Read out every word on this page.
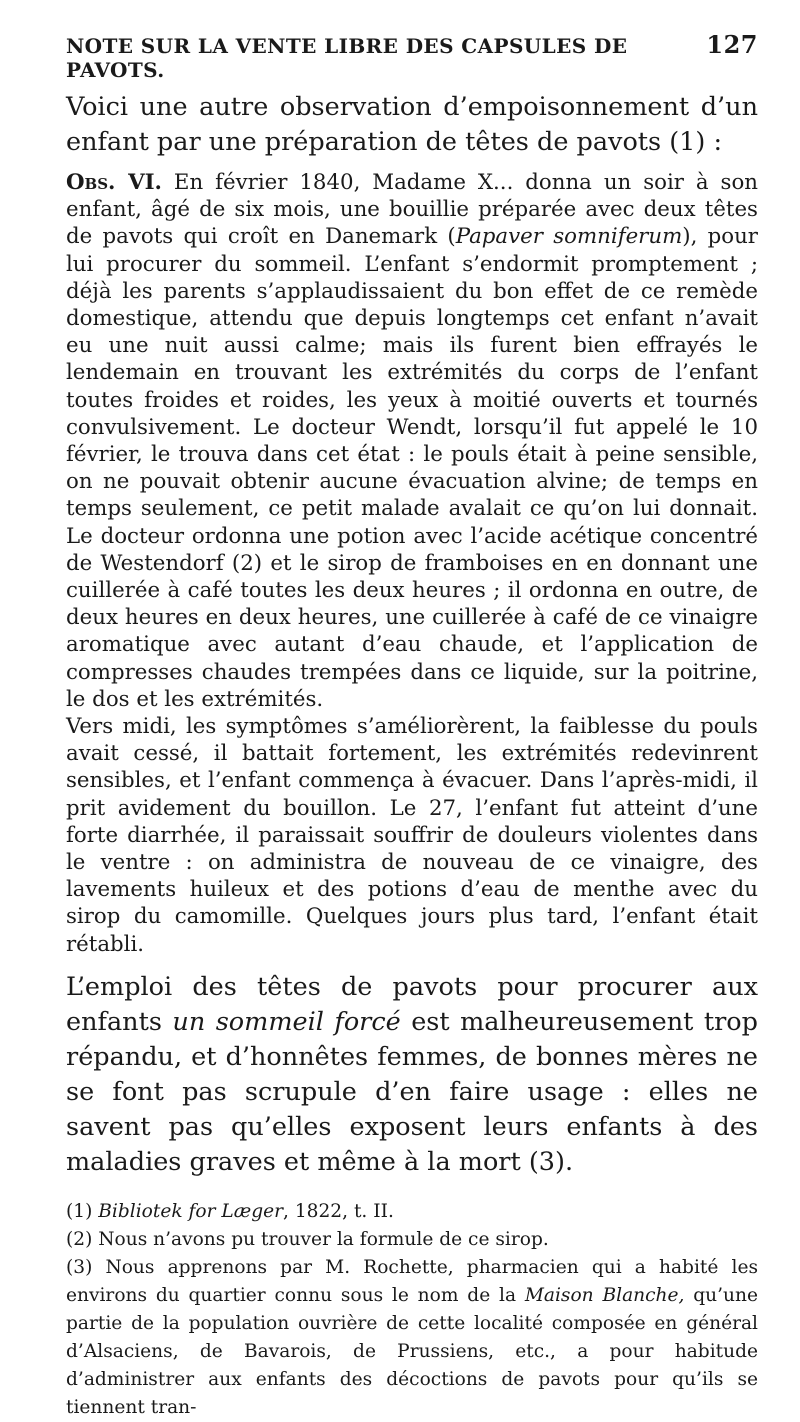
NOTE SUR LA VENTE LIBRE DES CAPSULES DE PAVOTS.
127

Voici une autre observation d’empoisonnement d’un enfant par une préparation de têtes de pavots (1) :

Obs. VI. En février 1840, Madame X... donna un soir à son enfant, âgé de six mois, une bouillie préparée avec deux têtes de pavots qui croît en Danemark (Papaver somniferum), pour lui procurer du sommeil. L’enfant s’endormit promptement ; déjà les parents s’applaudissaient du bon effet de ce remède domestique, attendu que depuis longtemps cet enfant n’avait eu une nuit aussi calme; mais ils furent bien effrayés le lendemain en trouvant les extrémités du corps de l’enfant toutes froides et roides, les yeux à moitié ouverts et tournés convulsivement. Le docteur Wendt, lorsqu’il fut appelé le 10 février, le trouva dans cet état : le pouls était à peine sensible, on ne pouvait obtenir aucune évacuation alvine; de temps en temps seulement, ce petit malade avalait ce qu’on lui donnait. Le docteur ordonna une potion avec l’acide acétique concentré de Westendorf (2) et le sirop de framboises en en donnant une cuillerée à café toutes les deux heures ; il ordonna en outre, de deux heures en deux heures, une cuillerée à café de ce vinaigre aromatique avec autant d’eau chaude, et l’application de compresses chaudes trempées dans ce liquide, sur la poitrine, le dos et les extrémités.

Vers midi, les symptômes s’améliorèrent, la faiblesse du pouls avait cessé, il battait fortement, les extrémités redevinrent sensibles, et l’enfant commença à évacuer. Dans l’après-midi, il prit avidement du bouillon. Le 27, l’enfant fut atteint d’une forte diarrhée, il paraissait souffrir de douleurs violentes dans le ventre : on administra de nouveau de ce vinaigre, des lavements huileux et des potions d’eau de menthe avec du sirop du camomille. Quelques jours plus tard, l’enfant était rétabli.

L’emploi des têtes de pavots pour procurer aux enfants un sommeil forcé est malheureusement trop répandu, et d’honnêtes femmes, de bonnes mères ne se font pas scrupule d’en faire usage : elles ne savent pas qu’elles exposent leurs enfants à des maladies graves et même à la mort (3).

(1) Bibliotek for Læger, 1822, t. II.

(2) Nous n’avons pu trouver la formule de ce sirop.

(3) Nous apprenons par M. Rochette, pharmacien qui a habité les environs du quartier connu sous le nom de la Maison Blanche, qu’une partie de la population ouvrière de cette localité composée en général d’Alsaciens, de Bavarois, de Prussiens, etc., a pour habitude d’administrer aux enfants des décoctions de pavots pour qu’ils se tiennent tran-
